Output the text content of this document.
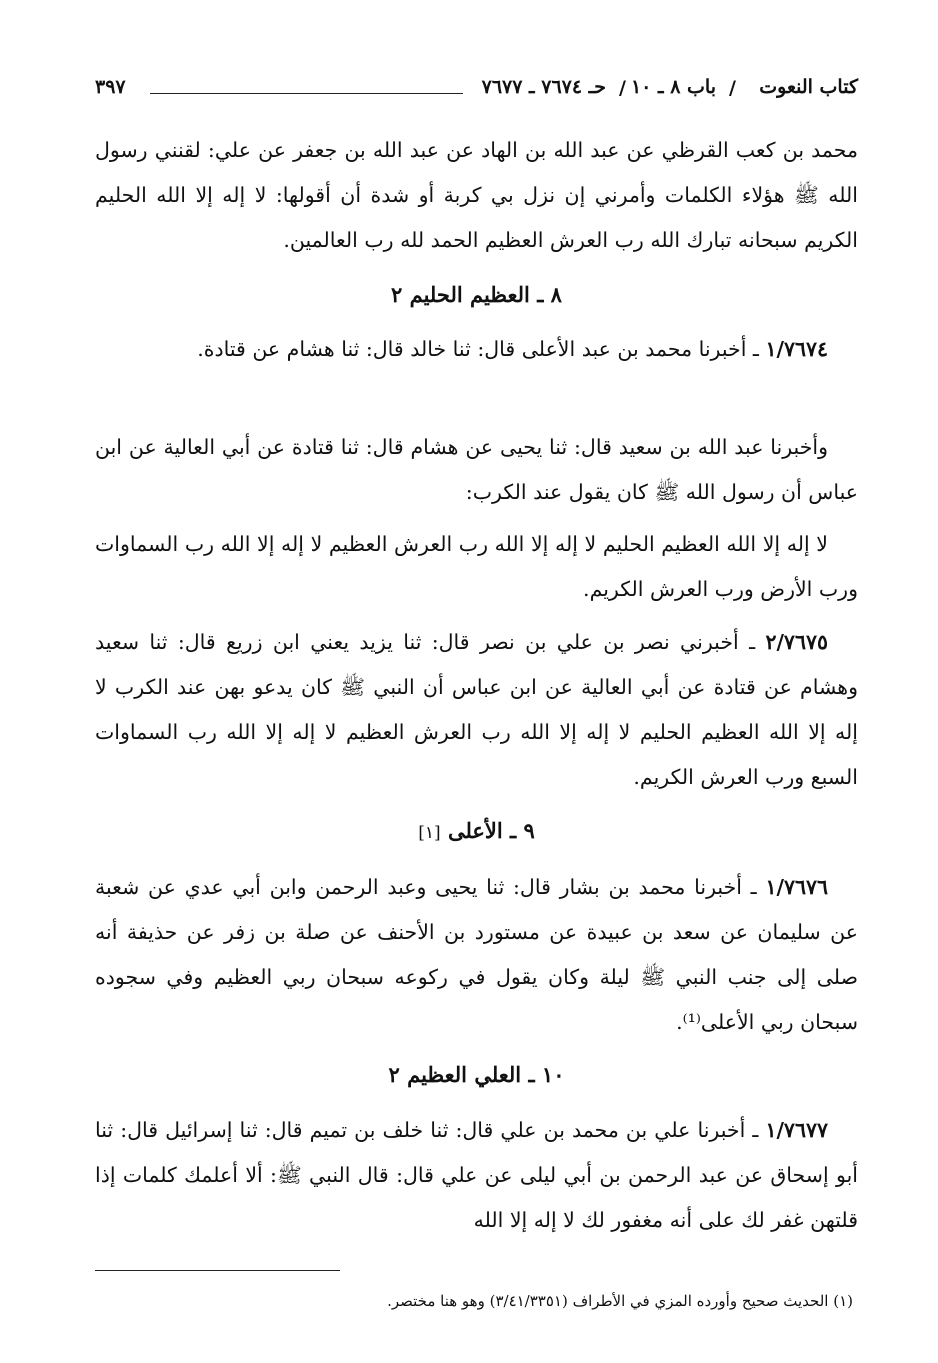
كتاب النعوت
/
باب ٨ ـ ١٠
/
حـ ٧٦٧٤ ـ ٧٦٧٧
٣٩٧
محمد بن كعب القرظي عن عبد الله بن الهاد عن عبد الله بن جعفر عن علي: لقنني رسول الله ﷺ هؤلاء الكلمات وأمرني إن نزل بي كربة أو شدة أن أقولها: لا إله إلا الله الحليم الكريم سبحانه تبارك الله رب العرش العظيم الحمد لله رب العالمين.
٨ ـ العظيم الحليم ٢
١/٧٦٧٤ ـ أخبرنا محمد بن عبد الأعلى قال: ثنا خالد قال: ثنا هشام عن قتادة.
وأخبرنا عبد الله بن سعيد قال: ثنا يحيى عن هشام قال: ثنا قتادة عن أبي العالية عن ابن عباس أن رسول الله ﷺ كان يقول عند الكرب:
لا إله إلا الله العظيم الحليم لا إله إلا الله رب العرش العظيم لا إله إلا الله رب السماوات ورب الأرض ورب العرش الكريم.
٢/٧٦٧٥ ـ أخبرني نصر بن علي بن نصر قال: ثنا يزيد يعني ابن زريع قال: ثنا سعيد وهشام عن قتادة عن أبي العالية عن ابن عباس أن النبي ﷺ كان يدعو بهن عند الكرب لا إله إلا الله العظيم الحليم لا إله إلا الله رب العرش العظيم لا إله إلا الله رب السماوات السبع ورب العرش الكريم.
٩ ـ الأعلى [١]
١/٧٦٧٦ ـ أخبرنا محمد بن بشار قال: ثنا يحيى وعبد الرحمن وابن أبي عدي عن شعبة عن سليمان عن سعد بن عبيدة عن مستورد بن الأحنف عن صلة بن زفر عن حذيفة أنه صلى إلى جنب النبي ﷺ ليلة وكان يقول في ركوعه سبحان ربي العظيم وفي سجوده سبحان ربي الأعلى⁽¹⁾.
١٠ ـ العلي العظيم ٢
١/٧٦٧٧ ـ أخبرنا علي بن محمد بن علي قال: ثنا خلف بن تميم قال: ثنا إسرائيل قال: ثنا أبو إسحاق عن عبد الرحمن بن أبي ليلى عن علي قال: قال النبي ﷺ: ألا أعلمك كلمات إذا قلتهن غفر لك على أنه مغفور لك لا إله إلا الله
(١) الحديث صحيح وأورده المزي في الأطراف (٣/٤١/٣٣٥١) وهو هنا مختصر.
